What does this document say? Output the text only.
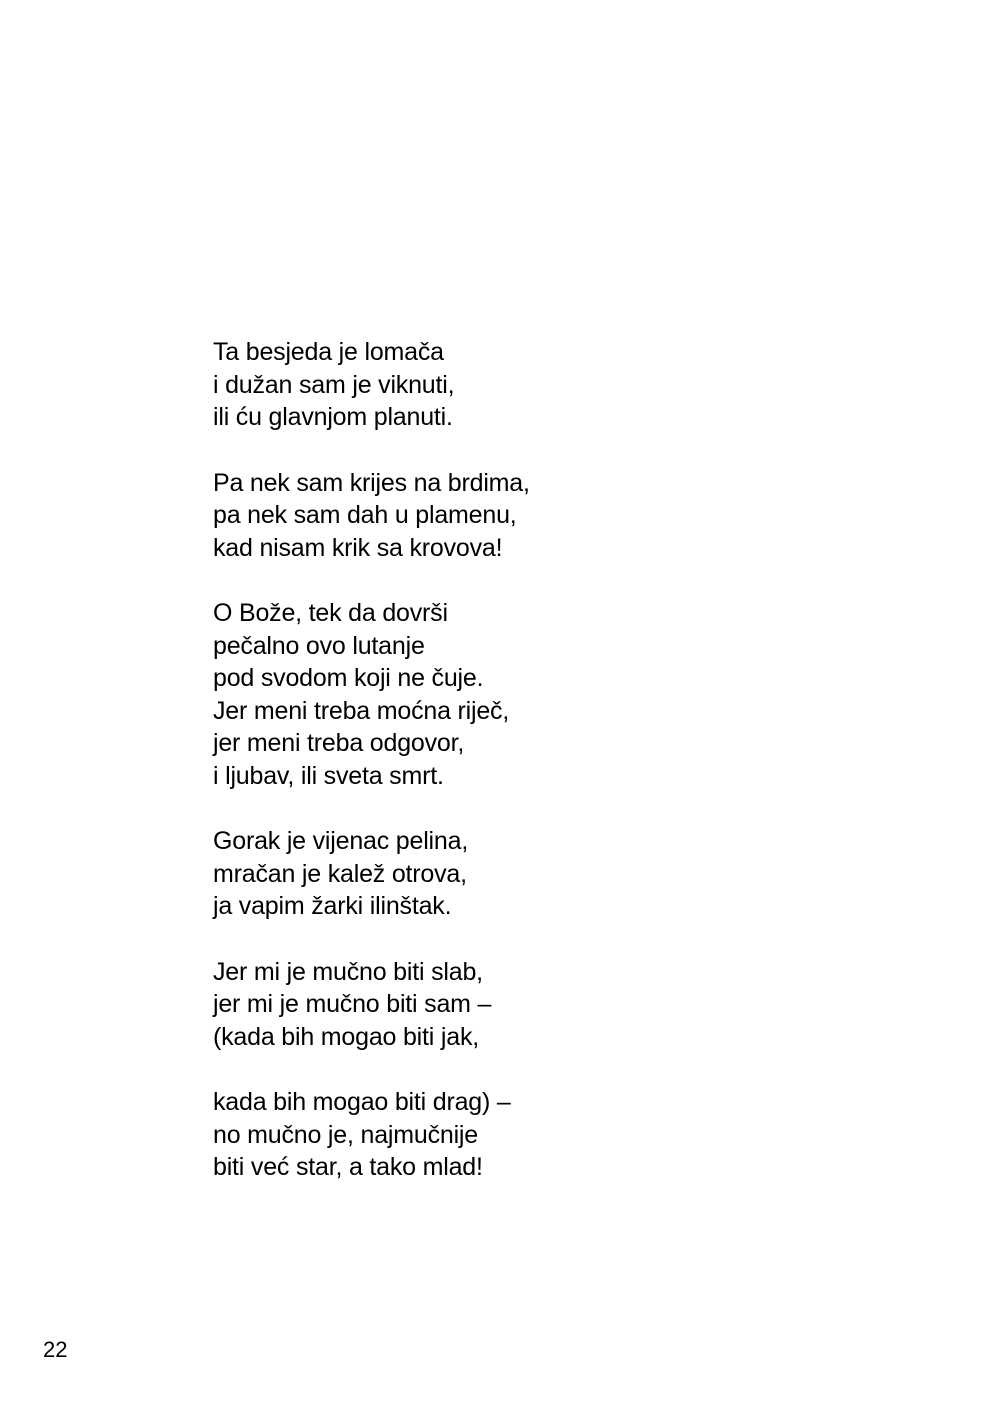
Ta besjeda je lomača
i dužan sam je viknuti,
ili ću glavnjom planuti.
Pa nek sam krijes na brdima,
pa nek sam dah u plamenu,
kad nisam krik sa krovova!
O Bože, tek da dovrši
pečalno ovo lutanje
pod svodom koji ne čuje.
Jer meni treba moćna riječ,
jer meni treba odgovor,
i ljubav, ili sveta smrt.
Gorak je vijenac pelina,
mračan je kalež otrova,
ja vapim žarki ilinštak.
Jer mi je mučno biti slab,
jer mi je mučno biti sam –
(kada bih mogao biti jak,
kada bih mogao biti drag) –
no mučno je, najmučnije
biti već star, a tako mlad!
22
